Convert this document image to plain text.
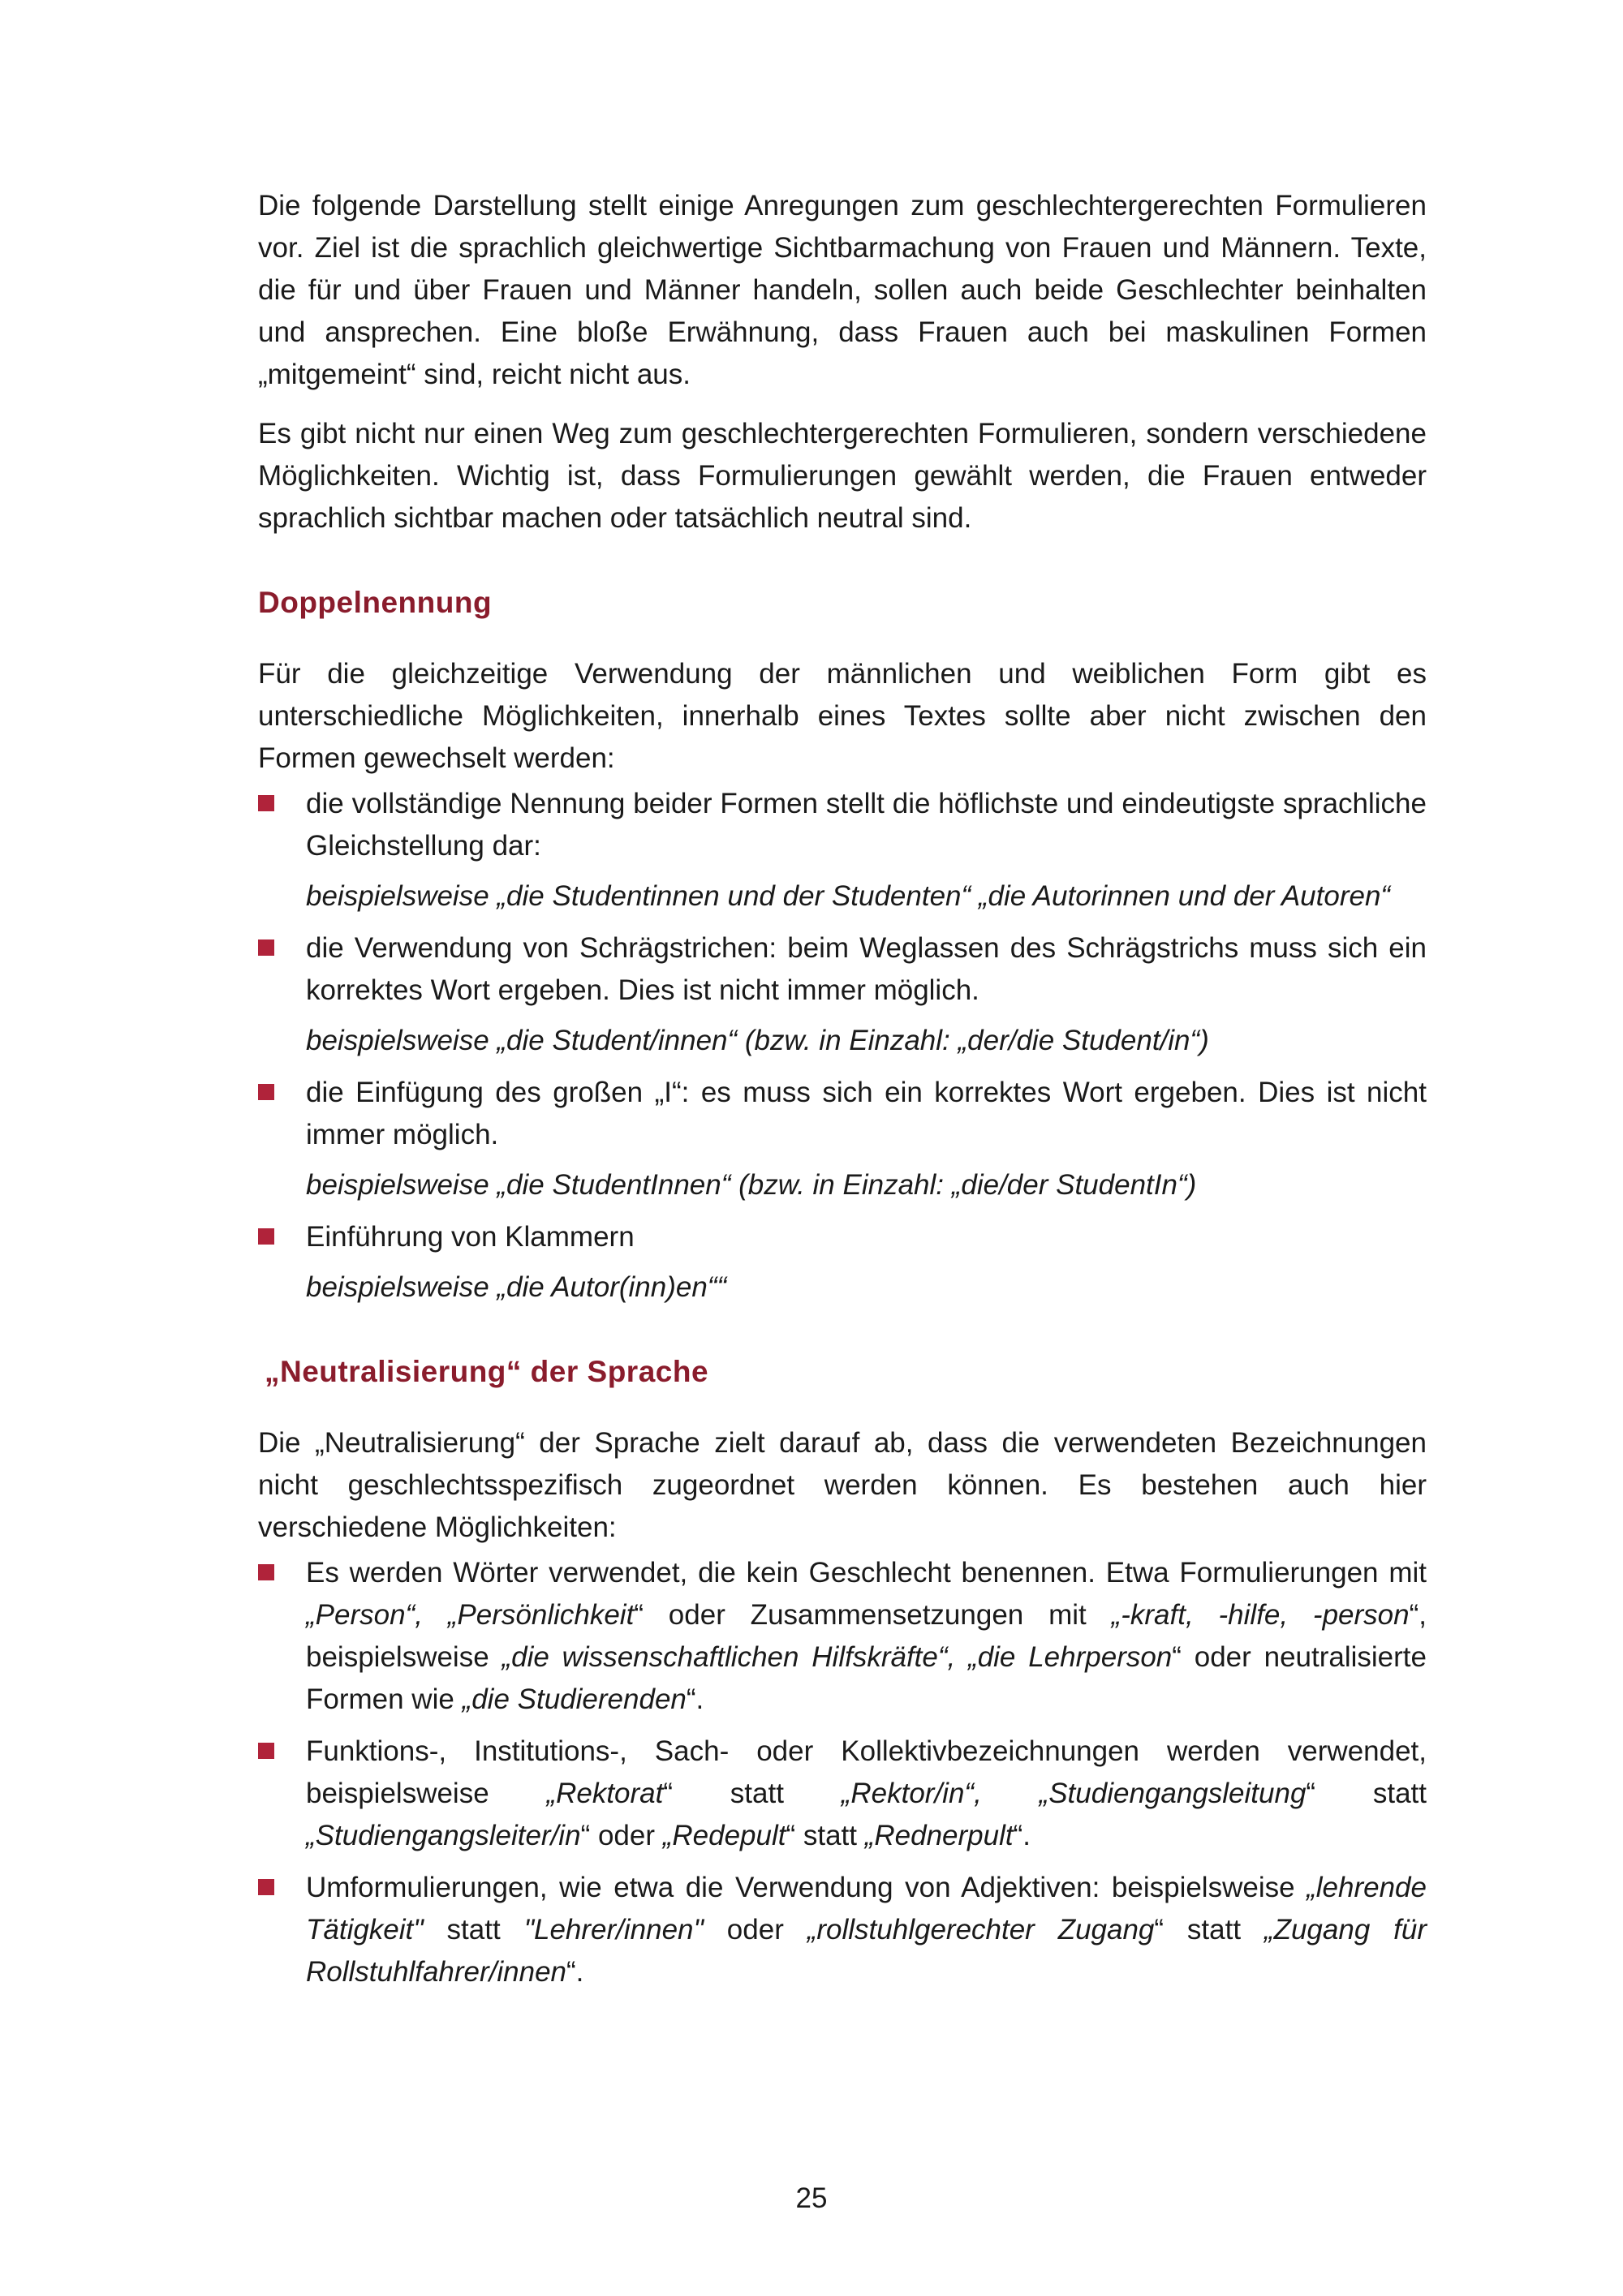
Die folgende Darstellung stellt einige Anregungen zum geschlechtergerechten Formulieren vor. Ziel ist die sprachlich gleichwertige Sichtbarmachung von Frauen und Männern. Texte, die für und über Frauen und Männer handeln, sollen auch beide Geschlechter beinhalten und ansprechen. Eine bloße Erwähnung, dass Frauen auch bei maskulinen Formen „mitgemeint“ sind, reicht nicht aus.

Es gibt nicht nur einen Weg zum geschlechtergerechten Formulieren, sondern verschiedene Möglichkeiten. Wichtig ist, dass Formulierungen gewählt werden, die Frauen entweder sprachlich sichtbar machen oder tatsächlich neutral sind.

Doppelnennung

Für die gleichzeitige Verwendung der männlichen und weiblichen Form gibt es unterschiedliche Möglichkeiten, innerhalb eines Textes sollte aber nicht zwischen den Formen gewechselt werden:

die vollständige Nennung beider Formen stellt die höflichste und eindeutigste sprachliche Gleichstellung dar:

beispielsweise „die Studentinnen und der Studenten“ „die Autorinnen und der Autoren“

die Verwendung von Schrägstrichen: beim Weglassen des Schrägstrichs muss sich ein korrektes Wort ergeben. Dies ist nicht immer möglich.

beispielsweise „die Student/innen“ (bzw. in Einzahl: „der/die Student/in“)

die Einfügung des großen „I“: es muss sich ein korrektes Wort ergeben. Dies ist nicht immer möglich.

beispielsweise „die StudentInnen“ (bzw. in Einzahl: „die/der StudentIn“)

Einführung von Klammern

beispielsweise „die Autor(inn)en““

„Neutralisierung“ der Sprache

Die „Neutralisierung“ der Sprache zielt darauf ab, dass die verwendeten Bezeichnungen nicht geschlechtsspezifisch zugeordnet werden können. Es bestehen auch hier verschiedene Möglichkeiten:

Es werden Wörter verwendet, die kein Geschlecht benennen. Etwa Formulierungen mit „Person“, „Persönlichkeit“ oder Zusammensetzungen mit „-kraft, -hilfe, -person“, beispielsweise „die wissenschaftlichen Hilfskräfte“, „die Lehrperson“ oder neutralisierte Formen wie „die Studierenden“.

Funktions-, Institutions-, Sach- oder Kollektivbezeichnungen werden verwendet, beispielsweise „Rektorat“ statt „Rektor/in“, „Studiengangsleitung“ statt „Studiengangsleiter/in“ oder „Redepult“ statt „Rednerpult“.

Umformulierungen, wie etwa die Verwendung von Adjektiven: beispielsweise „lehrende Tätigkeit" statt "Lehrer/innen" oder „rollstuhlgerechter Zugang“ statt „Zugang für Rollstuhlfahrer/innen“.

25
